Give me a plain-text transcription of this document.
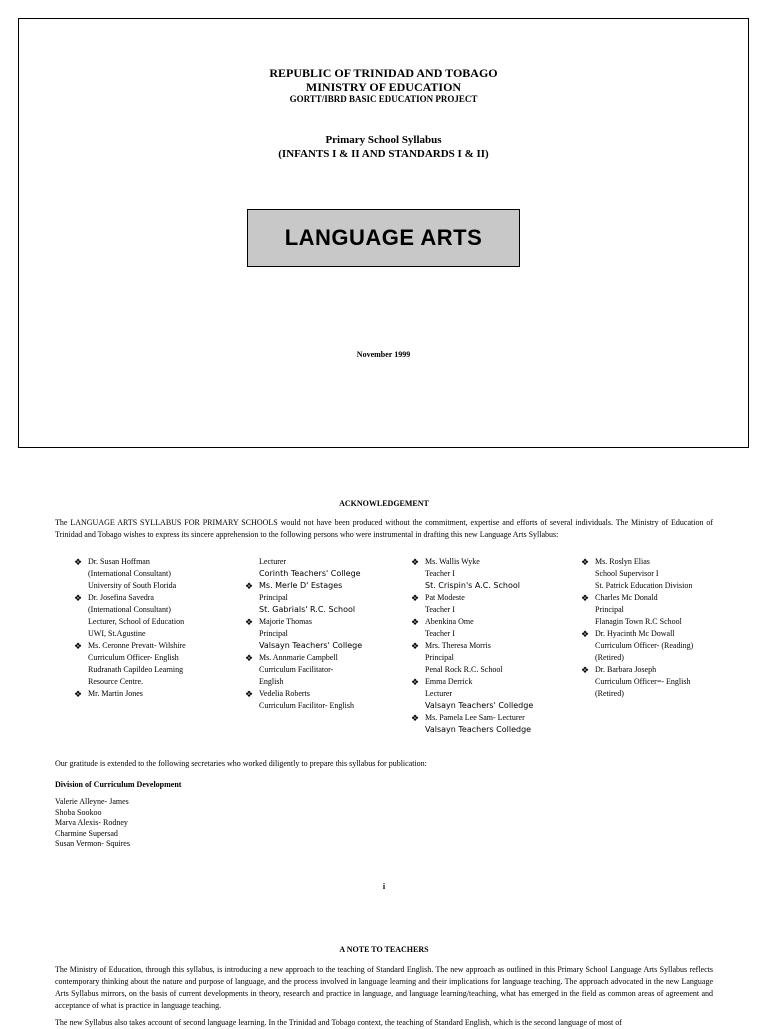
REPUBLIC OF TRINIDAD AND TOBAGO
MINISTRY OF EDUCATION
GORTT/IBRD BASIC EDUCATION PROJECT
Primary School Syllabus
(INFANTS I & II AND STANDARDS I & II)
LANGUAGE ARTS
November 1999
ACKNOWLEDGEMENT
The LANGUAGE ARTS SYLLABUS FOR PRIMARY SCHOOLS would not have been produced without the commitment, expertise and efforts of several individuals. The Ministry of Education of Trinidad and Tobago wishes to express its sincere apprehension to the following persons who were instrumental in drafting this new Language Arts Syllabus:
❖ Dr. Susan Hoffman
(International Consultant)
University of South Florida
❖ Dr. Josefina Savedra
(International Consultant)
Lecturer, School of Education
UWI, St.Agustine
❖ Ms. Ceronne Prevatt- Wilshire
Curriculum Officer- English
Rudranath Capildeo Learning
Resource Centre.
❖ Mr. Martin Jones
Lecturer
Corinth Teachers' College
❖ Ms. Merle D' Estages
Principal
St. Gabrials' R.C. School
❖ Majorie Thomas
Principal
Valsayn Teachers' College
❖ Ms. Annmarie Campbell
Curriculum Facilitator-
English
❖ Vedelia Roberts
Curriculum Facilitor- English
❖ Ms. Wallis Wyke
Teacher I
St. Crispin's A.C. School
❖ Pat Modeste
Teacher I
❖ Abenkina Ome
Teacher I
❖ Mrs. Theresa Morris
Principal
Penal Rock R.C. School
❖ Emma Derrick
Lecturer
Valsayn Teachers' Colledge
❖ Ms. Pamela Lee Sam- Lecturer
Valsayn Teachers Colledge
❖ Ms. Roslyn Elias
School Supervisor I
St. Patrick Education Division
❖ Charles Mc Donald
Principal
Flanagin Town R.C School
❖ Dr. Hyacinth Mc Dowall
Curriculum Officer- (Reading)
(Retired)
❖ Dr. Barbara Joseph
Curriculum Officer=- English
(Retired)
Our gratitude is extended to the following secretaries who worked diligently to prepare this syllabus for publication:
Division of Curriculum Development
Valerie Alleyne- James
Shoba Sookoo
Marva Alexis- Rodney
Charmine Supersad
Susan Vermon- Squires
i
A NOTE TO TEACHERS
The Ministry of Education, through this syllabus, is introducing a new approach to the teaching of Standard English. The new approach as outlined in this Primary School Language Arts Syllabus reflects contemporary thinking about the nature and purpose of language, and the process involved in language learning and their implications for language teaching. The approach advocated in the new Language Arts Syllabus mirrors, on the basis of current developments in theory, research and practice in language, and language learning/teaching, what has emerged in the field as common areas of agreement and acceptance of what is practice in language teaching.
The new Syllabus also takes account of second language learning. In the Trinidad and Tobago context, the teaching of Standard English, which is the second language of most of
